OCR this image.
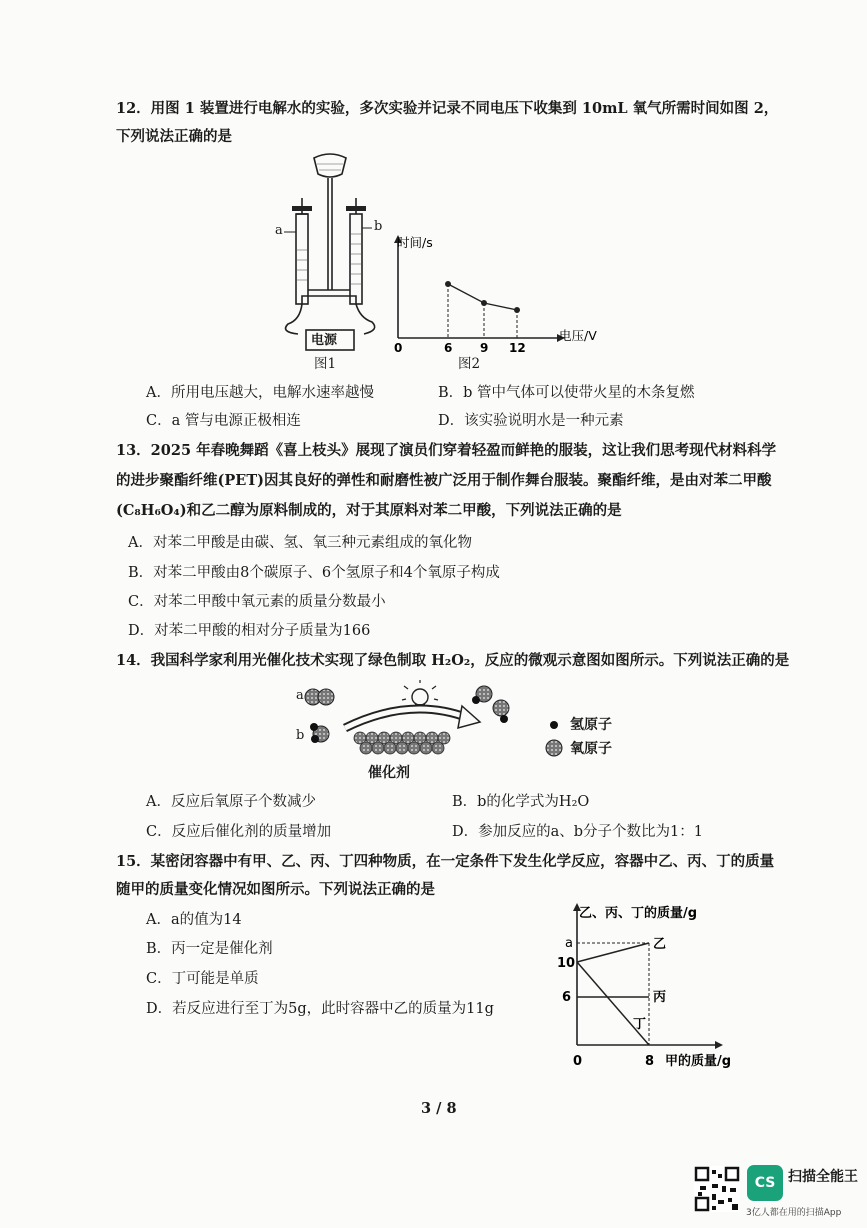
12．用图 1 装置进行电解水的实验，多次实验并记录不同电压下收集到 10mL 氧气所需时间如图 2，
下列说法正确的是
a	b
电源
图1
时间/s
电压/V
0	6 9 12
图2
A．所用电压越大，电解水速率越慢	B．b 管中气体可以使带火星的木条复燃
C．a 管与电源正极相连	D．该实验说明水是一种元素
13．2025 年春晚舞蹈《喜上枝头》展现了演员们穿着轻盈而鲜艳的服装，这让我们思考现代材料科学
的进步聚酯纤维(PET)因其良好的弹性和耐磨性被广泛用于制作舞台服装。聚酯纤维，是由对苯二甲酸
(C₈H₆O₄)和乙二醇为原料制成的，对于其原料对苯二甲酸，下列说法正确的是
A．对苯二甲酸是由碳、氢、氧三种元素组成的氧化物
B．对苯二甲酸由8个碳原子、6个氢原子和4个氧原子构成
C．对苯二甲酸中氧元素的质量分数最小
D．对苯二甲酸的相对分子质量为166
14．我国科学家利用光催化技术实现了绿色制取 H₂O₂，反应的微观示意图如图所示。下列说法正确的是
a
b
催化剂
氢原子
氧原子
A．反应后氧原子个数减少	B．b的化学式为H₂O
C．反应后催化剂的质量增加	D．参加反应的a、b分子个数比为1：1
15．某密闭容器中有甲、乙、丙、丁四种物质，在一定条件下发生化学反应，容器中乙、丙、丁的质量
随甲的质量变化情况如图所示。下列说法正确的是
A．a的值为14
B．丙一定是催化剂
C．丁可能是单质
D．若反应进行至丁为5g，此时容器中乙的质量为11g
乙、丙、丁的质量/g
甲的质量/g
0	8
6
10
a	乙
丙
丁
3 / 8
CS 扫描全能王
3亿人都在用的扫描App
